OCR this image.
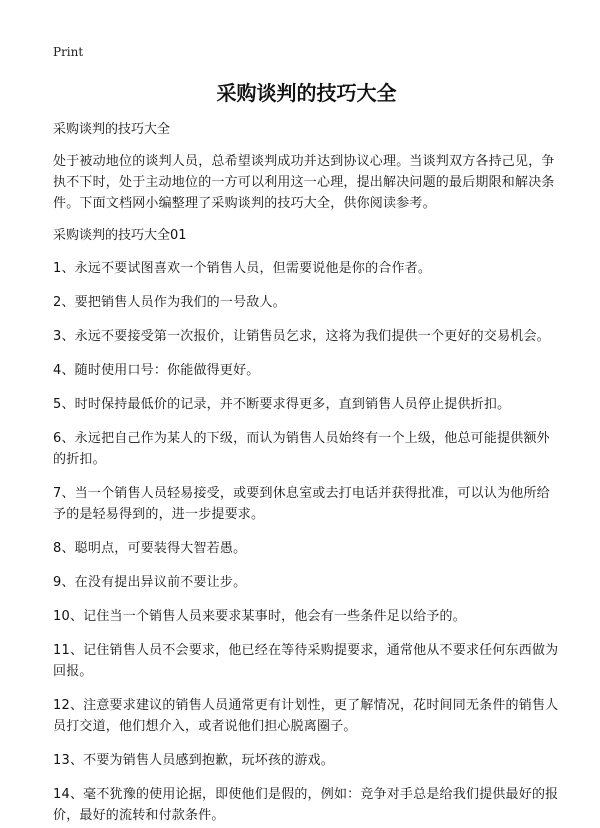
Print
采购谈判的技巧大全

采购谈判的技巧大全

处于被动地位的谈判人员，总希望谈判成功并达到协议心理。当谈判双方各持己见，争执不下时，处于主动地位的一方可以利用这一心理，提出解决问题的最后期限和解决条件。下面文档网小编整理了采购谈判的技巧大全，供你阅读参考。

采购谈判的技巧大全01

1、永远不要试图喜欢一个销售人员，但需要说他是你的合作者。
2、要把销售人员作为我们的一号敌人。
3、永远不要接受第一次报价，让销售员乞求，这将为我们提供一个更好的交易机会。
4、随时使用口号：你能做得更好。
5、时时保持最低价的记录，并不断要求得更多，直到销售人员停止提供折扣。
6、永远把自己作为某人的下级，而认为销售人员始终有一个上级，他总可能提供额外的折扣。
7、当一个销售人员轻易接受，或要到休息室或去打电话并获得批准，可以认为他所给予的是轻易得到的，进一步提要求。
8、聪明点，可要装得大智若愚。
9、在没有提出异议前不要让步。
10、记住当一个销售人员来要求某事时，他会有一些条件足以给予的。
11、记住销售人员不会要求，他已经在等待采购提要求，通常他从不要求任何东西做为回报。
12、注意要求建议的销售人员通常更有计划性，更了解情况，花时间同无条件的销售人员打交道，他们想介入，或者说他们担心脱离圈子。
13、不要为销售人员感到抱歉，玩坏孩的游戏。
14、毫不犹豫的使用论据，即使他们是假的，例如：竞争对手总是给我们提供最好的报价，最好的流转和付款条件。
